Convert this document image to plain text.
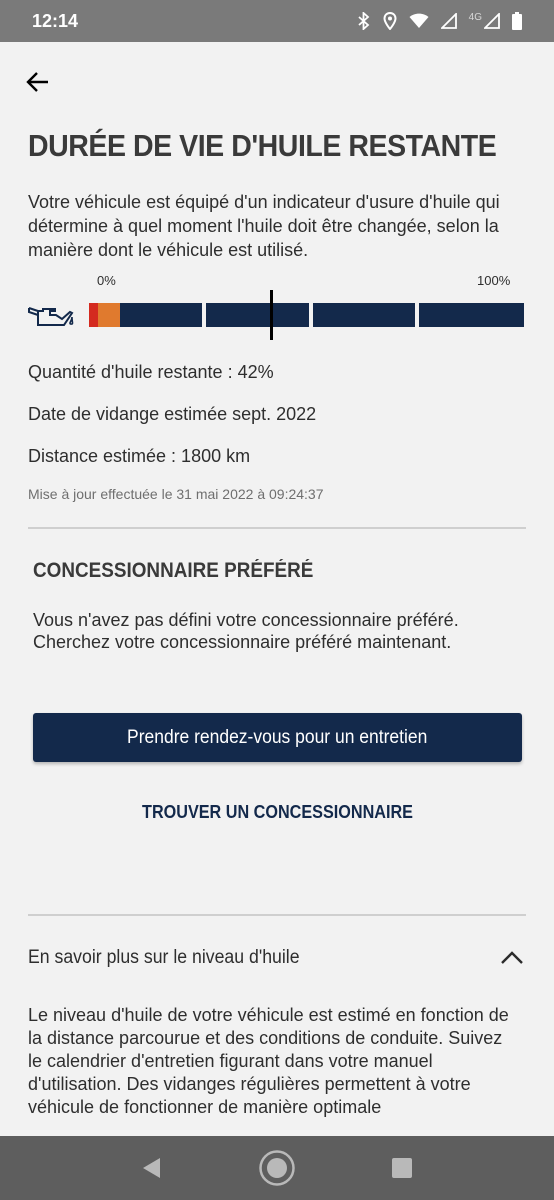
12:14	4G
DURÉE DE VIE D'HUILE RESTANTE

Votre véhicule est équipé d'un indicateur d'usure d'huile qui détermine à quel moment l'huile doit être changée, selon la manière dont le véhicule est utilisé.

0%	100%

Quantité d'huile restante : 42%

Date de vidange estimée sept. 2022

Distance estimée : 1800 km

Mise à jour effectuée le 31 mai 2022 à 09:24:37

CONCESSIONNAIRE PRÉFÉRÉ

Vous n'avez pas défini votre concessionnaire préféré. Cherchez votre concessionnaire préféré maintenant.

Prendre rendez-vous pour un entretien
TROUVER UN CONCESSIONNAIRE
En savoir plus sur le niveau d'huile

Le niveau d'huile de votre véhicule est estimé en fonction de la distance parcourue et des conditions de conduite. Suivez le calendrier d'entretien figurant dans votre manuel d'utilisation. Des vidanges régulières permettent à votre véhicule de fonctionner de manière optimale
